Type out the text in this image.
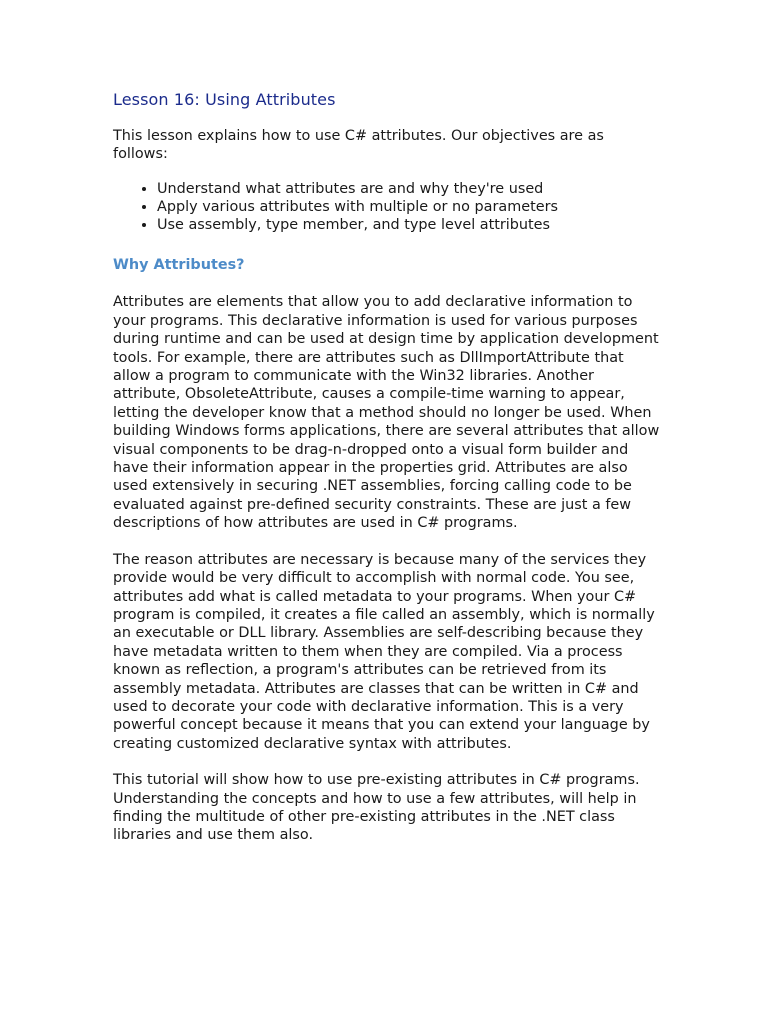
Lesson 16: Using Attributes

This lesson explains how to use C# attributes. Our objectives are as follows:

• Understand what attributes are and why they're used
• Apply various attributes with multiple or no parameters
• Use assembly, type member, and type level attributes
Why Attributes?

Attributes are elements that allow you to add declarative information to your programs. This declarative information is used for various purposes during runtime and can be used at design time by application development tools. For example, there are attributes such as DllImportAttribute that allow a program to communicate with the Win32 libraries. Another attribute, ObsoleteAttribute, causes a compile-time warning to appear, letting the developer know that a method should no longer be used. When building Windows forms applications, there are several attributes that allow visual components to be drag-n-dropped onto a visual form builder and have their information appear in the properties grid. Attributes are also used extensively in securing .NET assemblies, forcing calling code to be evaluated against pre-defined security constraints. These are just a few descriptions of how attributes are used in C# programs.

The reason attributes are necessary is because many of the services they provide would be very difficult to accomplish with normal code. You see, attributes add what is called metadata to your programs. When your C# program is compiled, it creates a file called an assembly, which is normally an executable or DLL library. Assemblies are self-describing because they have metadata written to them when they are compiled. Via a process known as reflection, a program's attributes can be retrieved from its assembly metadata. Attributes are classes that can be written in C# and used to decorate your code with declarative information. This is a very powerful concept because it means that you can extend your language by creating customized declarative syntax with attributes.

This tutorial will show how to use pre-existing attributes in C# programs. Understanding the concepts and how to use a few attributes, will help in finding the multitude of other pre-existing attributes in the .NET class libraries and use them also.
